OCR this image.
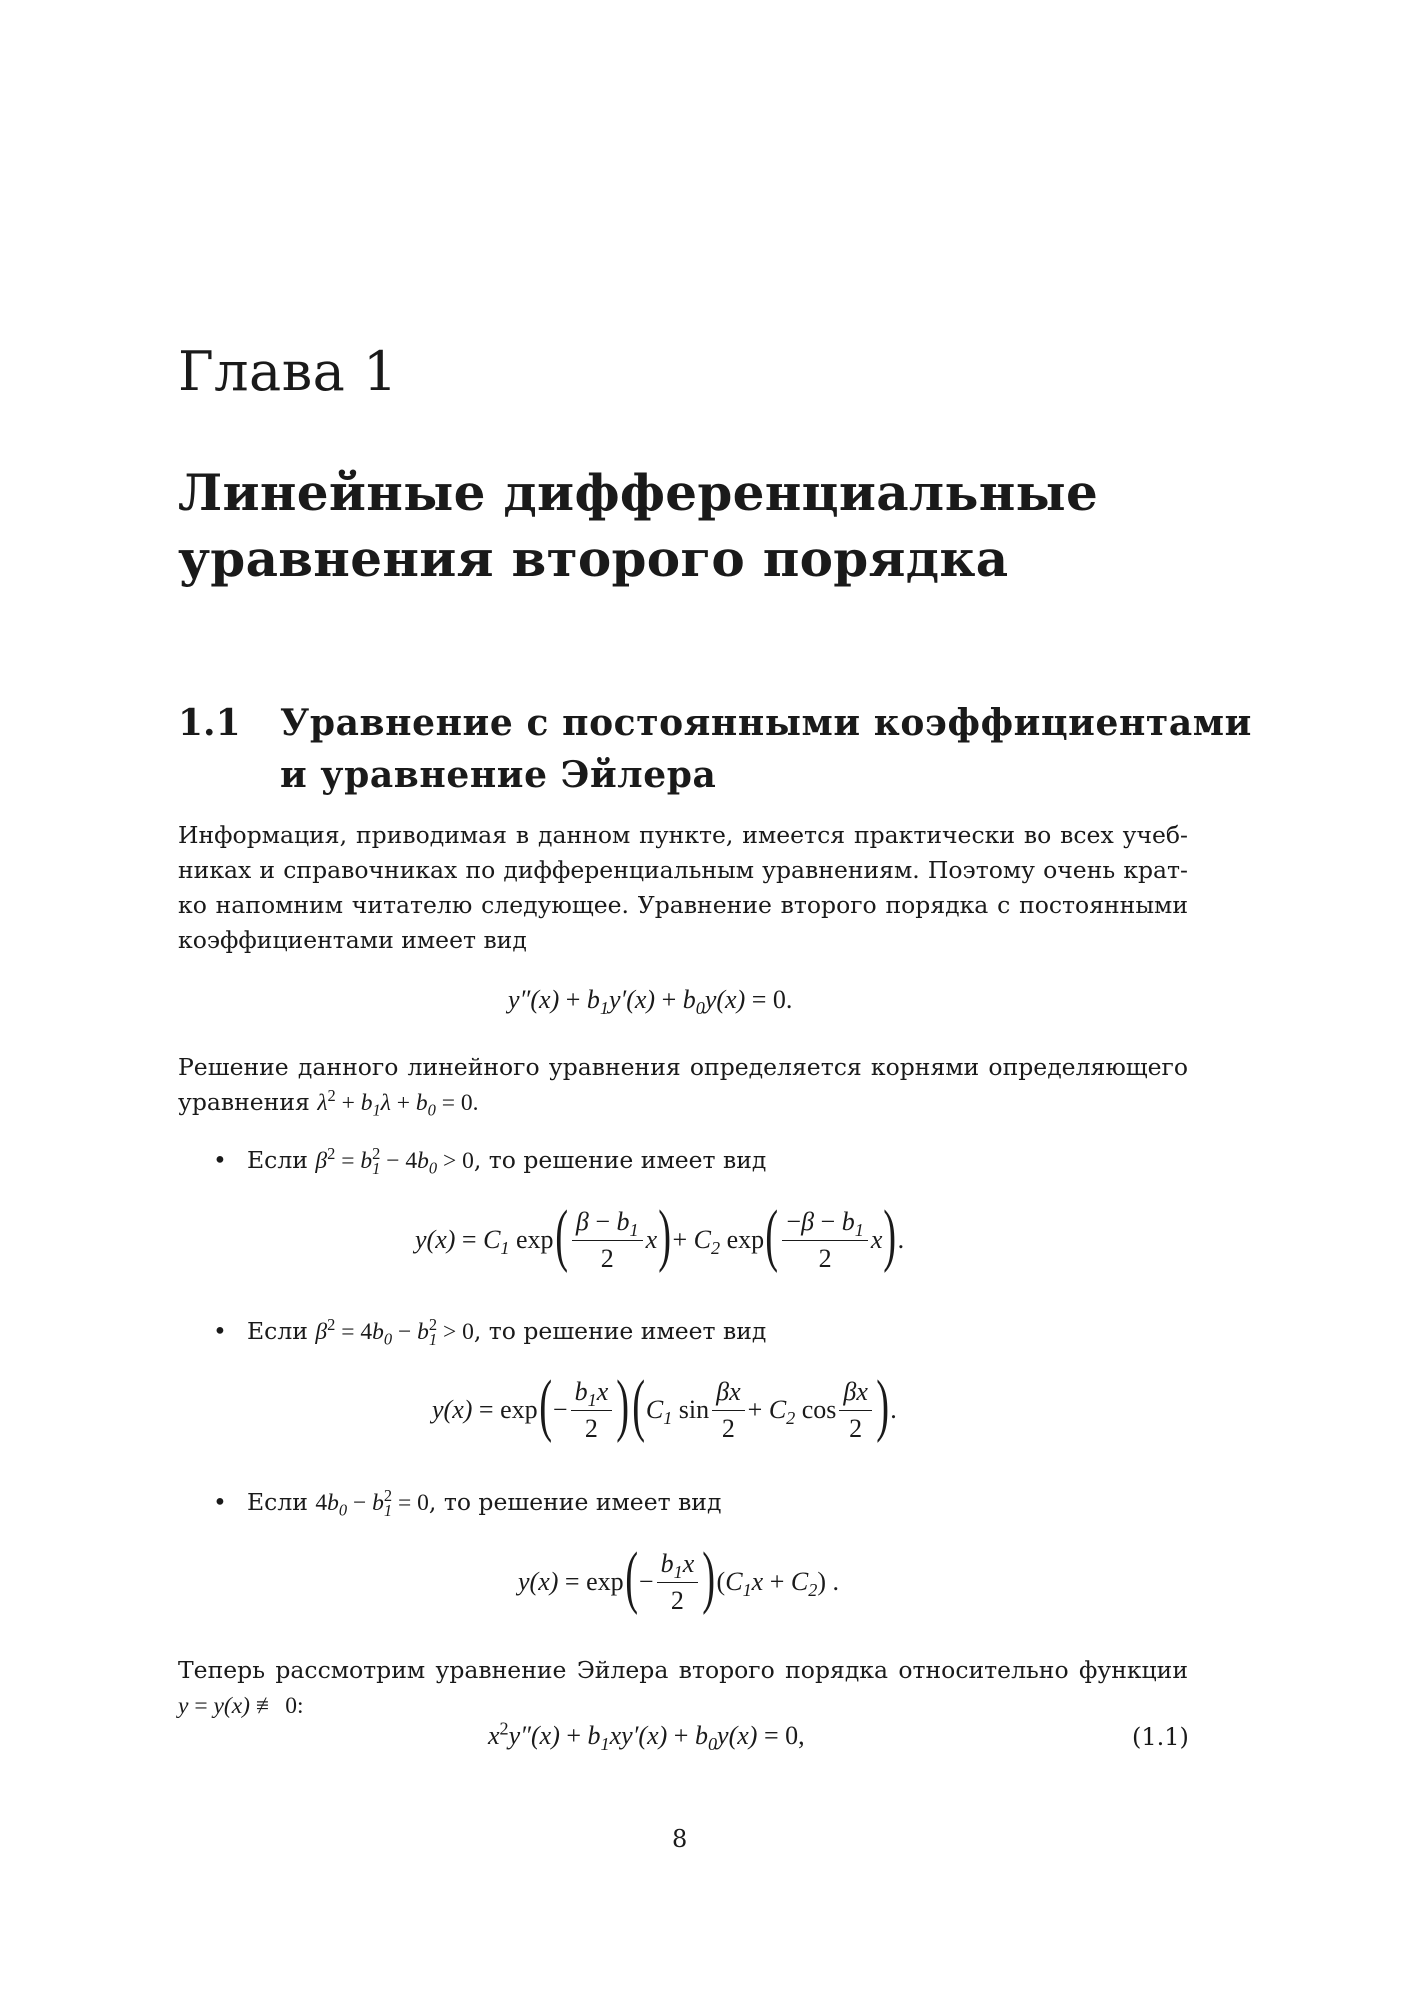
Глава 1
Линейные дифференциальные
уравнения второго порядка
1.1 Уравнение с постоянными коэффициентами
и уравнение Эйлера
Информация, приводимая в данном пункте, имеется практически во всех учеб-
никах и справочниках по дифференциальным уравнениям. Поэтому очень крат-
ко напомним читателю следующее. Уравнение второго порядка с постоянными
коэффициентами имеет вид
$y''(x) + b_1y'(x) + b_0y(x) = 0$.
Решение данного линейного уравнения определяется корнями определяющего
уравнения $\lambda^2 + b_1\lambda + b_0 = 0$.
• Если $\beta^2 = b^2_1 - 4b_0 > 0$, то решение имеет вид
$y(x) = C_1$ exp ( $\frac{\beta - b_1}{2}$ x ) + $C_2$ exp ( $\frac{-\beta - b_1}{2}$ x ) .
• Если $\beta^2 = 4b_0 - b^2_1 > 0$, то решение имеет вид
y(x) = exp ( − $\frac{b_1x}{2}$ ) ( $C_1$ $\sin \frac{\beta x}{2} + C_2$ $\cos \frac{\beta x}{2}$ ) .
• Если $4b_0 - b^2_1 = 0$, то решение имеет вид
y(x) = exp ( − $\frac{b_1x}{2}$ ) $(C_1x + C_2)$ .
Теперь рассмотрим уравнение Эйлера второго порядка относительно функции
y = y(x) ≢ 0:
$x^2y''(x) + b_1xy'(x) + b_0y(x) = 0$,	(1.1)
8
